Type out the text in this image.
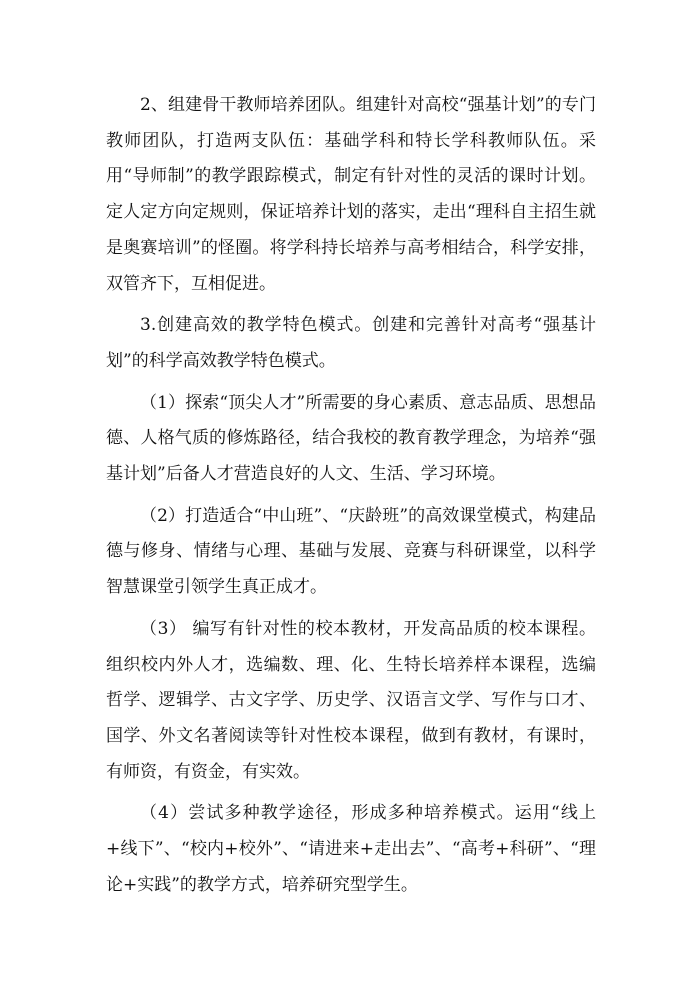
2、组建骨干教师培养团队。组建针对高校“强基计划”的专门教师团队，打造两支队伍：基础学科和特长学科教师队伍。采用“导师制”的教学跟踪模式，制定有针对性的灵活的课时计划。定人定方向定规则，保证培养计划的落实，走出“理科自主招生就是奥赛培训”的怪圈。将学科持长培养与高考相结合，科学安排，双管齐下，互相促进。

3.创建高效的教学特色模式。创建和完善针对高考“强基计划”的科学高效教学特色模式。

（1）探索“顶尖人才”所需要的身心素质、意志品质、思想品德、人格气质的修炼路径，结合我校的教育教学理念，为培养“强基计划”后备人才营造良好的人文、生活、学习环境。

（2）打造适合“中山班”、“庆龄班”的高效课堂模式，构建品德与修身、情绪与心理、基础与发展、竞赛与科研课堂，以科学智慧课堂引领学生真正成才。

（3） 编写有针对性的校本教材，开发高品质的校本课程。组织校内外人才，选编数、理、化、生特长培养样本课程，选编哲学、逻辑学、古文字学、历史学、汉语言文学、写作与口才、国学、外文名著阅读等针对性校本课程，做到有教材，有课时，有师资，有资金，有实效。

（4）尝试多种教学途径，形成多种培养模式。运用“线上+线下”、“校内+校外”、“请进来+走出去”、“高考+科研”、“理论+实践”的教学方式，培养研究型学生。
